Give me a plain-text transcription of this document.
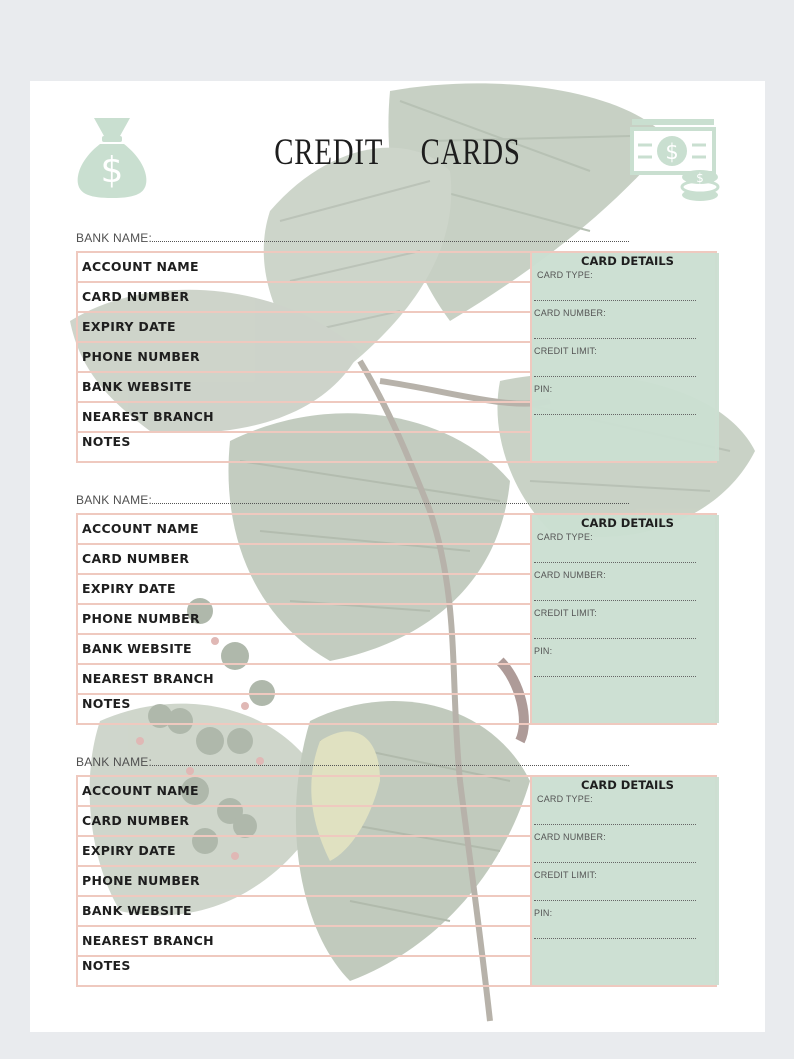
$	$
$
CREDIT CARDS
BANK NAME:
ACCOUNT NAME
CARD NUMBER
EXPIRY DATE
PHONE NUMBER
BANK WEBSITE
NEAREST BRANCH
NOTES
CARD DETAILS
CARD TYPE:
CARD NUMBER:
CREDIT LIMIT:
PIN:
BANK NAME:
ACCOUNT NAME
CARD NUMBER
EXPIRY DATE
PHONE NUMBER
BANK WEBSITE
NEAREST BRANCH
NOTES
CARD DETAILS
CARD TYPE:
CARD NUMBER:
CREDIT LIMIT:
PIN:
BANK NAME:
ACCOUNT NAME
CARD NUMBER
EXPIRY DATE
PHONE NUMBER
BANK WEBSITE
NEAREST BRANCH
NOTES
CARD DETAILS
CARD TYPE:
CARD NUMBER:
CREDIT LIMIT:
PIN:
